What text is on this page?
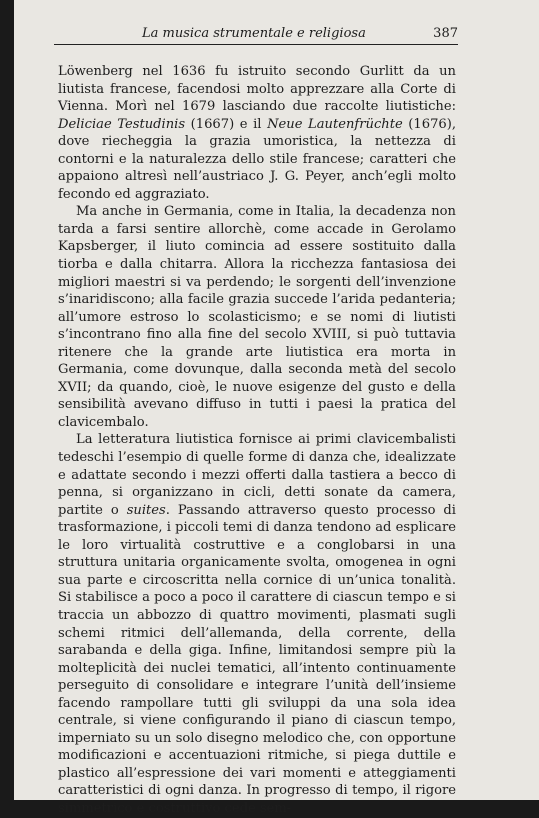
La musica strumentale e religiosa	387

Löwenberg nel 1636 fu istruito secondo Gurlitt da un liutista francese, facendosi molto apprezzare alla Corte di Vienna. Morì nel 1679 lasciando due raccolte liutistiche: Deliciae Testudinis (1667) e il Neue Lautenfrüchte (1676), dove riecheggia la grazia umoristica, la nettezza di contorni e la naturalezza dello stile francese; caratteri che appaiono altresì nell’austriaco J. G. Peyer, anch’egli molto fecondo ed aggraziato.

Ma anche in Germania, come in Italia, la decadenza non tarda a farsi sentire allorchè, come accade in Gerolamo Kapsberger, il liuto comincia ad essere sostituito dalla tiorba e dalla chitarra. Allora la ricchezza fantasiosa dei migliori maestri si va perdendo; le sorgenti dell’invenzione s’inaridiscono; alla facile grazia succede l’arida pedanteria; all’umore estroso lo scolasticismo; e se nomi di liutisti s’incontrano fino alla fine del secolo XVIII, si può tuttavia ritenere che la grande arte liutistica era morta in Germania, come dovunque, dalla seconda metà del secolo XVII; da quando, cioè, le nuove esigenze del gusto e della sensibilità avevano diffuso in tutti i paesi la pratica del clavicembalo.

La letteratura liutistica fornisce ai primi clavicembalisti tedeschi l’esempio di quelle forme di danza che, idealizzate e adattate secondo i mezzi offerti dalla tastiera a becco di penna, si organizzano in cicli, detti sonate da camera, partite o suites. Passando attraverso questo processo di trasformazione, i piccoli temi di danza tendono ad esplicare le loro virtualità costruttive e a conglobarsi in una struttura unitaria organicamente svolta, omogenea in ogni sua parte e circoscritta nella cornice di un’unica tonalità. Si stabilisce a poco a poco il carattere di ciascun tempo e si traccia un abbozzo di quattro movimenti, plasmati sugli schemi ritmici dell’allemanda, della corrente, della sarabanda e della giga. Infine, limitandosi sempre più la molteplicità dei nuclei tematici, all’intento continuamente perseguito di consolidare e integrare l’unità dell’insieme facendo rampollare tutti gli sviluppi da una sola idea centrale, si viene configurando il piano di ciascun tempo, imperniato su un solo disegno melodico che, con opportune modificazioni e accentuazioni ritmiche, si piega duttile e plastico all’espressione dei vari momenti e atteggiamenti caratteristici di ogni danza. In progresso di tempo, il rigore simmetrico e costruttivo cede sem-
